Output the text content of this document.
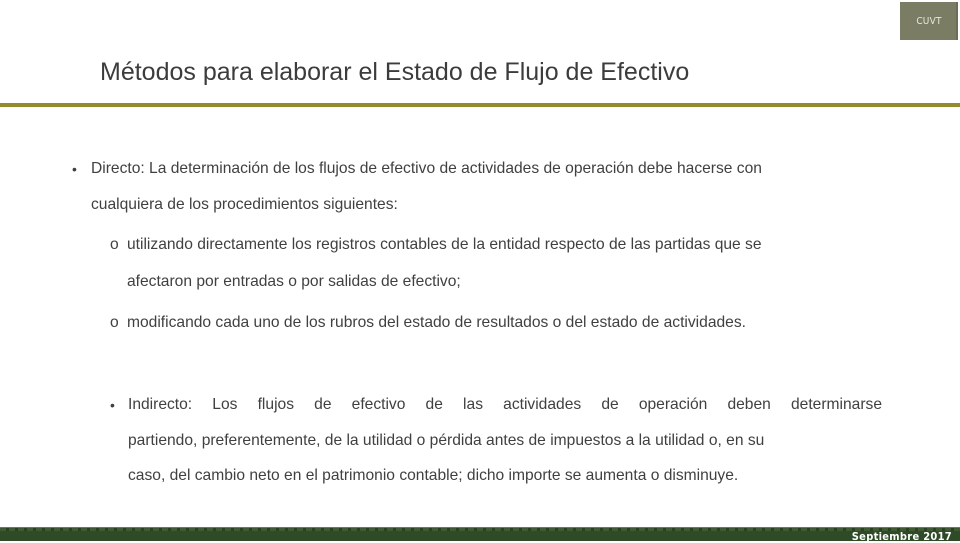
CUVT
Métodos para elaborar el Estado de Flujo de Efectivo
• Directo: La determinación de los flujos de efectivo de actividades de operación debe hacerse con
cualquiera de los procedimientos siguientes:
o utilizando directamente los registros contables de la entidad respecto de las partidas que se
afectaron por entradas o por salidas de efectivo;
o modificando cada uno de los rubros del estado de resultados o del estado de actividades.
• Indirecto: Los flujos de efectivo de las actividades de operación deben determinarse
partiendo, preferentemente, de la utilidad o pérdida antes de impuestos a la utilidad o, en su
caso, del cambio neto en el patrimonio contable; dicho importe se aumenta o disminuye.
Septiembre 2017
